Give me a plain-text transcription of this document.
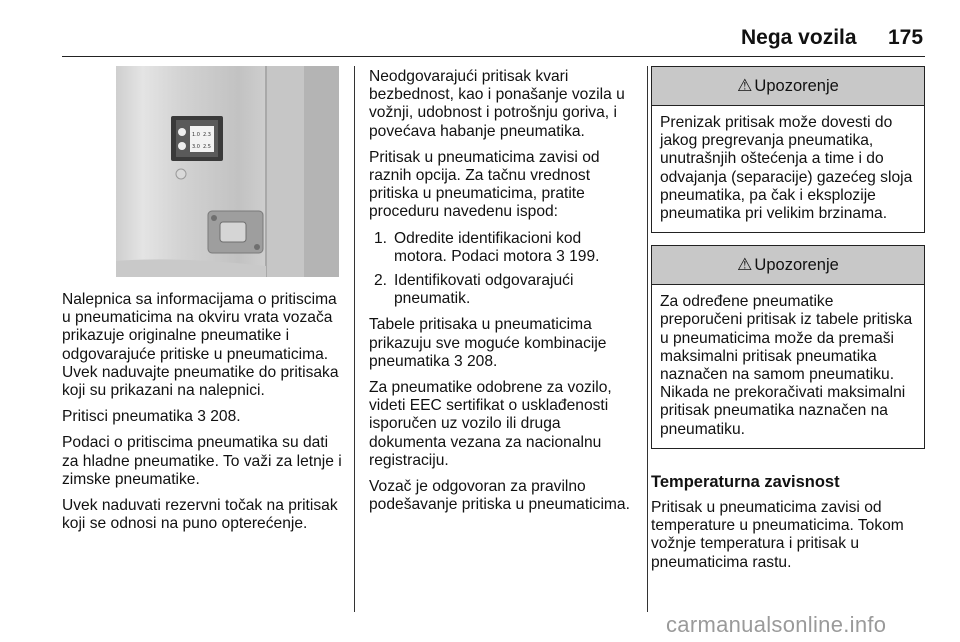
Nega vozila 175
1.0 2.3
3.0 2.5

Nalepnica sa informacijama o pritiscima u pneumaticima na okviru vrata vozača prikazuje originalne pneumatike i odgovarajuće pritiske u pneumaticima. Uvek naduvajte pneumatike do pritisaka koji su prikazani na nalepnici.

Pritisci pneumatika 3 208.

Podaci o pritiscima pneumatika su dati za hladne pneumatike. To važi za letnje i zimske pneumatike.

Uvek naduvati rezervni točak na pritisak koji se odnosi na puno opterećenje.

Neodgovarajući pritisak kvari bezbednost, kao i ponašanje vozila u vožnji, udobnost i potrošnju goriva, i povećava habanje pneumatika.

Pritisak u pneumaticima zavisi od raznih opcija. Za tačnu vrednost pritiska u pneumaticima, pratite proceduru navedenu ispod:

1. Odredite identifikacioni kod motora. Podaci motora 3 199.
2. Identifikovati odgovarajući pneumatik.

Tabele pritisaka u pneumaticima prikazuju sve moguće kombinacije pneumatika 3 208.

Za pneumatike odobrene za vozilo, videti EEC sertifikat o usklađenosti isporučen uz vozilo ili druga dokumenta vezana za nacionalnu registraciju.

Vozač je odgovoran za pravilno podešavanje pritiska u pneumaticima.

⚠ Upozorenje
Prenizak pritisak može dovesti do jakog pregrevanja pneumatika, unutrašnjih oštećenja a time i do odvajanja (separacije) gazećeg sloja pneumatika, pa čak i eksplozije pneumatika pri velikim brzinama.
⚠ Upozorenje
Za određene pneumatike preporučeni pritisak iz tabele pritiska u pneumaticima može da premaši maksimalni pritisak pneumatika naznačen na samom pneumatiku. Nikada ne prekoračivati maksimalni pritisak pneumatika naznačen na pneumatiku.
Temperaturna zavisnost

Pritisak u pneumaticima zavisi od temperature u pneumaticima. Tokom vožnje temperatura i pritisak u pneumaticima rastu.

carmanualsonline.info
